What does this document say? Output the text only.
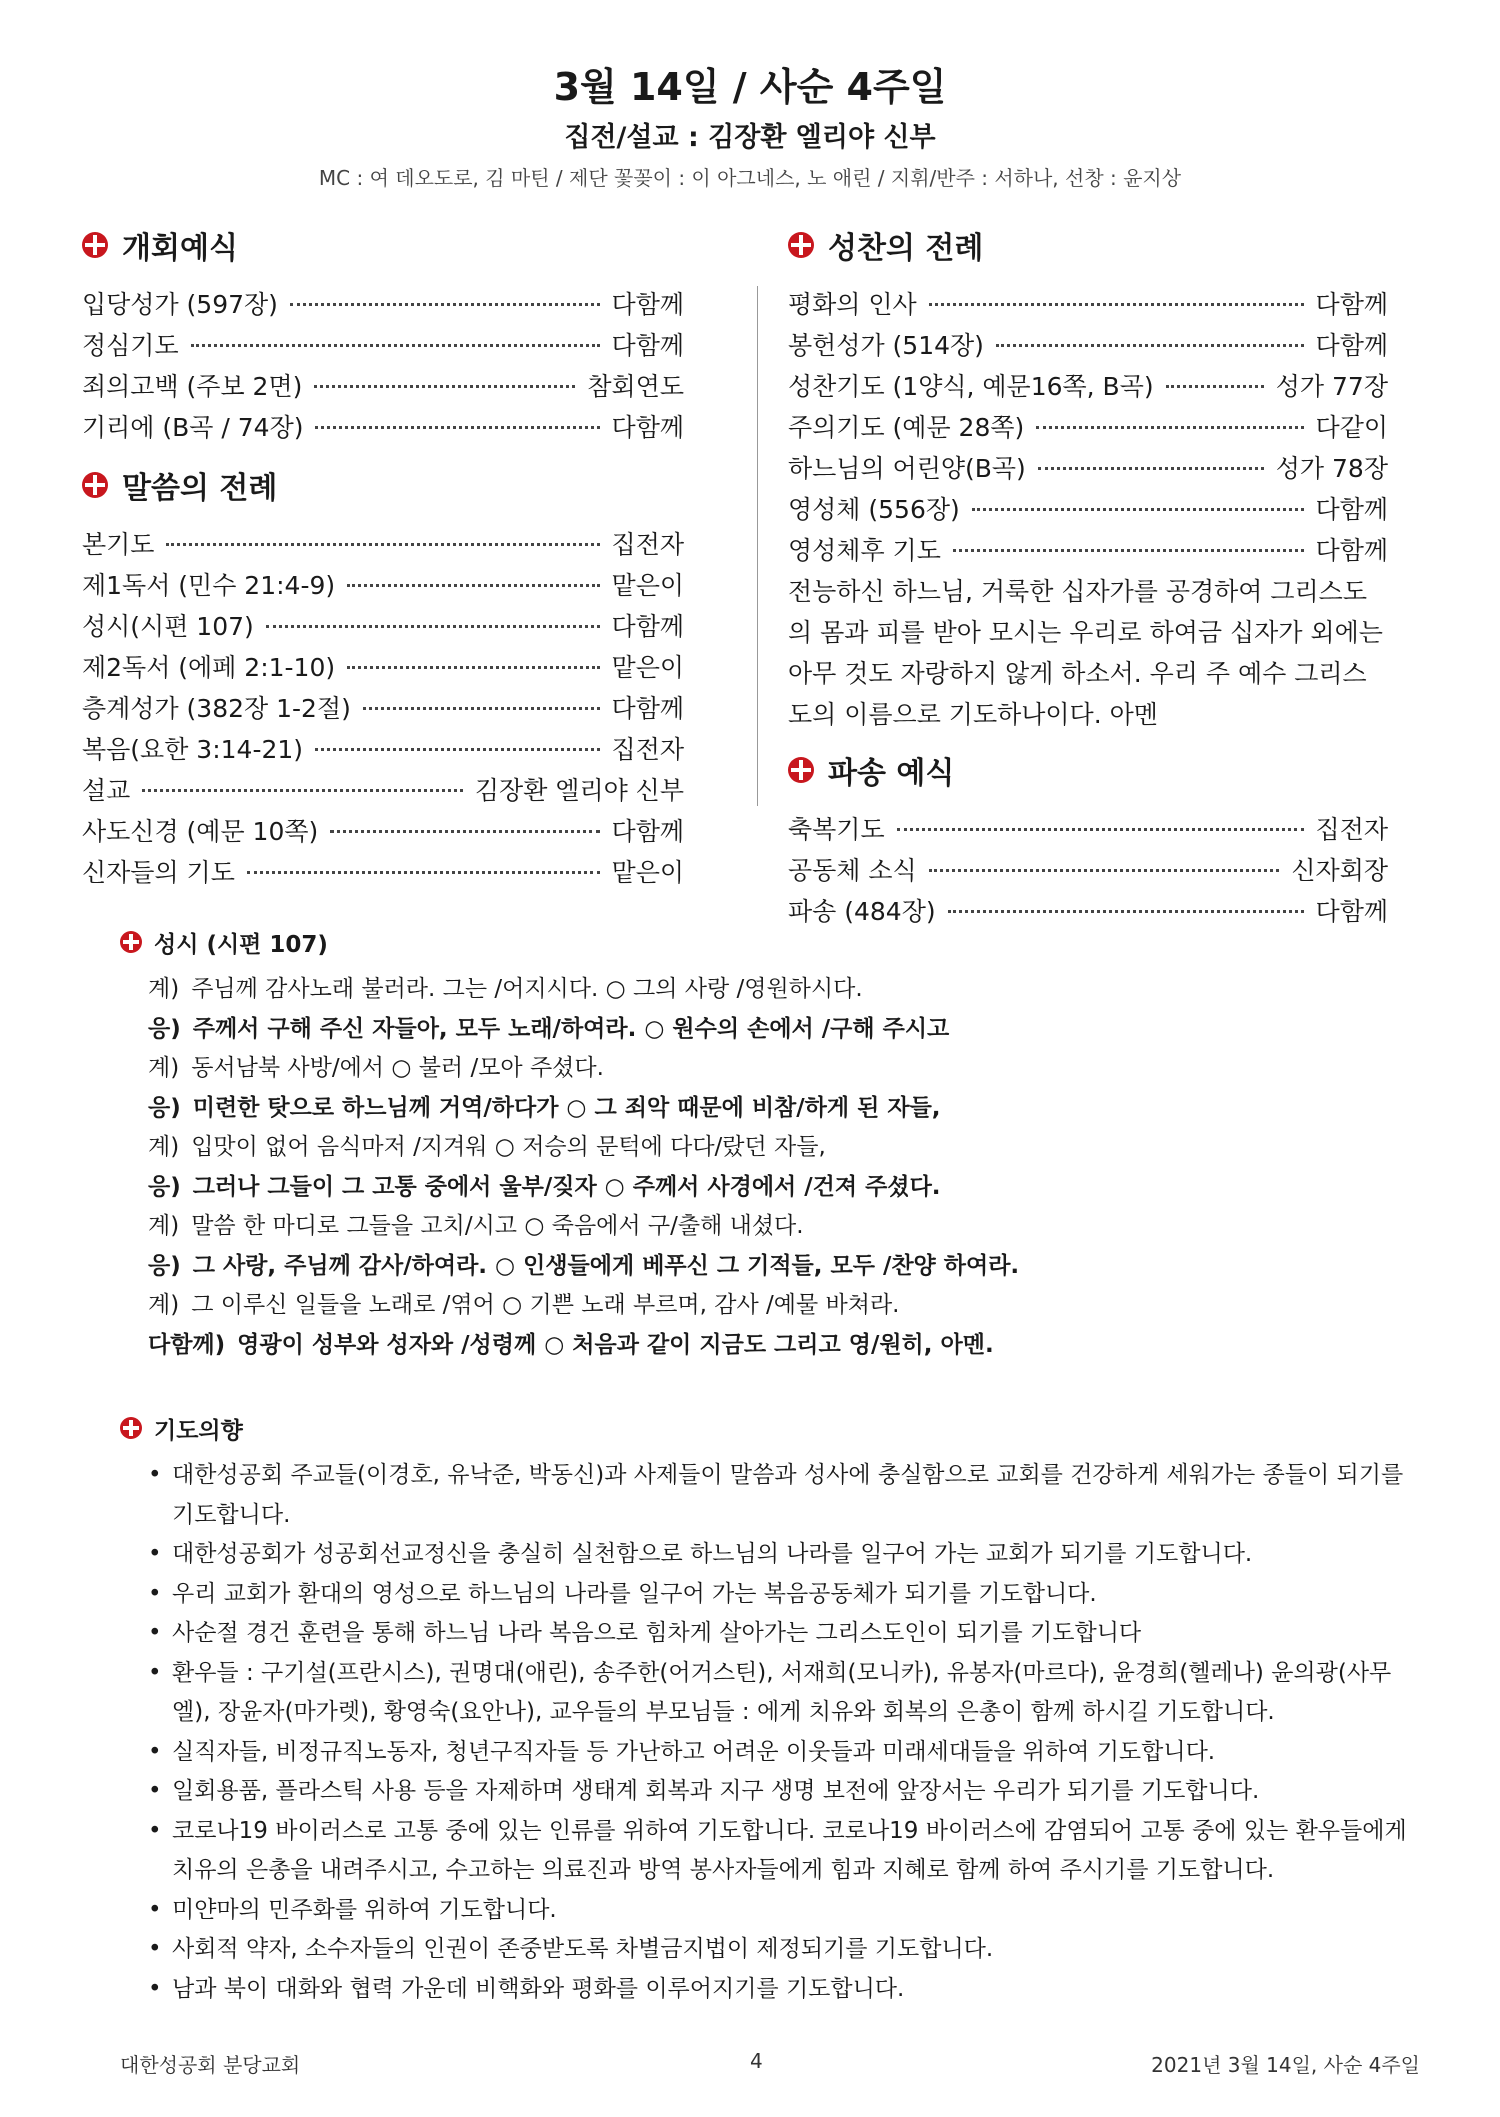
3월 14일 / 사순 4주일
집전/설교 : 김장환 엘리야 신부
MC : 여 데오도로, 김 마틴 / 제단 꽃꽂이 : 이 아그네스, 노 애린 / 지휘/반주 : 서하나, 선창 : 윤지상
개회예식
입당성가 (597장)	다함께
정심기도	다함께
죄의고백 (주보 2면)	참회연도
기리에 (B곡 / 74장)	다함께
말씀의 전례
본기도	집전자
제1독서 (민수 21:4-9)	맡은이
성시(시편 107)	다함께
제2독서 (에페 2:1-10)	맡은이
층계성가 (382장 1-2절)	다함께
복음(요한 3:14-21)	집전자
설교	김장환 엘리야 신부
사도신경 (예문 10쪽)	다함께
신자들의 기도	맡은이
성찬의 전례
평화의 인사	다함께
봉헌성가 (514장)	다함께
성찬기도 (1양식, 예문16쪽, B곡)	성가 77장
주의기도 (예문 28쪽)	다같이
하느님의 어린양(B곡)	성가 78장
영성체 (556장)	다함께
영성체후 기도	다함께
전능하신 하느님, 거룩한 십자가를 공경하여 그리스도의 몸과 피를 받아 모시는 우리로 하여금 십자가 외에는 아무 것도 자랑하지 않게 하소서. 우리 주 예수 그리스도의 이름으로 기도하나이다. 아멘
파송 예식
축복기도	집전자
공동체 소식	신자회장
파송 (484장)	다함께
성시 (시편 107)
계) 주님께 감사노래 불러라. 그는 /어지시다. ○ 그의 사랑 /영원하시다.
응) 주께서 구해 주신 자들아, 모두 노래/하여라. ○ 원수의 손에서 /구해 주시고
계) 동서남북 사방/에서 ○ 불러 /모아 주셨다.
응) 미련한 탓으로 하느님께 거역/하다가 ○ 그 죄악 때문에 비참/하게 된 자들,
계) 입맛이 없어 음식마저 /지겨워 ○ 저승의 문턱에 다다/랐던 자들,
응) 그러나 그들이 그 고통 중에서 울부/짖자 ○ 주께서 사경에서 /건져 주셨다.
계) 말씀 한 마디로 그들을 고치/시고 ○ 죽음에서 구/출해 내셨다.
응) 그 사랑, 주님께 감사/하여라. ○ 인생들에게 베푸신 그 기적들, 모두 /찬양 하여라.
계) 그 이루신 일들을 노래로 /엮어 ○ 기쁜 노래 부르며, 감사 /예물 바쳐라.
다함께) 영광이 성부와 성자와 /성령께 ○ 처음과 같이 지금도 그리고 영/원히, 아멘.
기도의향
• 대한성공회 주교들(이경호, 유낙준, 박동신)과 사제들이 말씀과 성사에 충실함으로 교회를 건강하게 세워가는 종들이 되기를 기도합니다.
• 대한성공회가 성공회선교정신을 충실히 실천함으로 하느님의 나라를 일구어 가는 교회가 되기를 기도합니다.
• 우리 교회가 환대의 영성으로 하느님의 나라를 일구어 가는 복음공동체가 되기를 기도합니다.
• 사순절 경건 훈련을 통해 하느님 나라 복음으로 힘차게 살아가는 그리스도인이 되기를 기도합니다
• 환우들 : 구기설(프란시스), 권명대(애린), 송주한(어거스틴), 서재희(모니카), 유봉자(마르다), 윤경희(헬레나) 윤의광(사무엘), 장윤자(마가렛), 황영숙(요안나), 교우들의 부모님들 : 에게 치유와 회복의 은총이 함께 하시길 기도합니다.
• 실직자들, 비정규직노동자, 청년구직자들 등 가난하고 어려운 이웃들과 미래세대들을 위하여 기도합니다.
• 일회용품, 플라스틱 사용 등을 자제하며 생태계 회복과 지구 생명 보전에 앞장서는 우리가 되기를 기도합니다.
• 코로나19 바이러스로 고통 중에 있는 인류를 위하여 기도합니다. 코로나19 바이러스에 감염되어 고통 중에 있는 환우들에게 치유의 은총을 내려주시고, 수고하는 의료진과 방역 봉사자들에게 힘과 지혜로 함께 하여 주시기를 기도합니다.
• 미얀마의 민주화를 위하여 기도합니다.
• 사회적 약자, 소수자들의 인권이 존중받도록 차별금지법이 제정되기를 기도합니다.
• 남과 북이 대화와 협력 가운데 비핵화와 평화를 이루어지기를 기도합니다.
대한성공회 분당교회	4	2021년 3월 14일, 사순 4주일
